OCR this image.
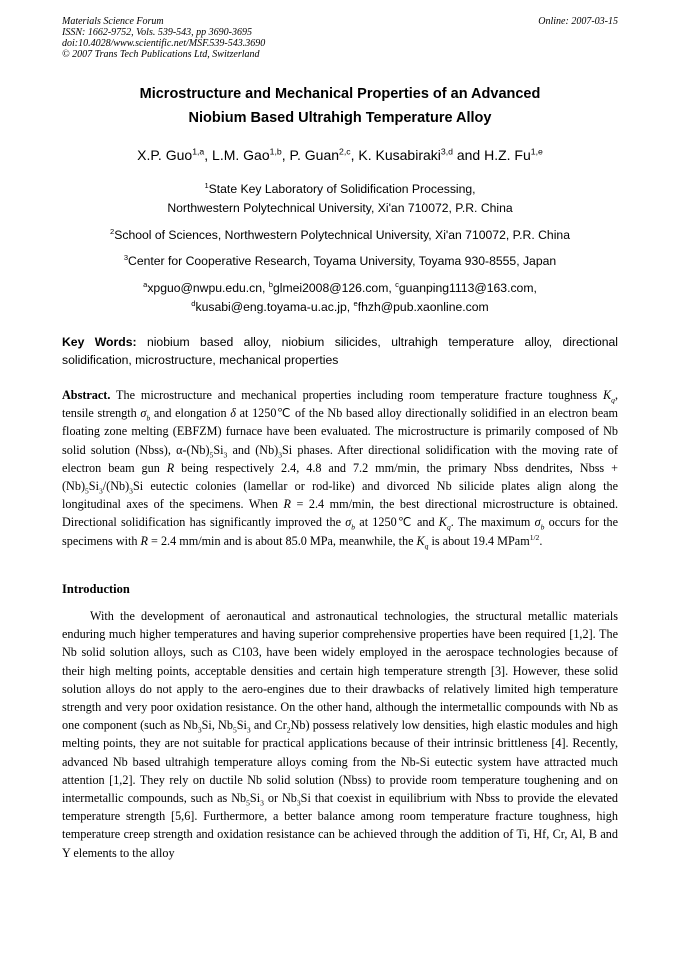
Materials Science Forum
ISSN: 1662-9752, Vols. 539-543, pp 3690-3695
doi:10.4028/www.scientific.net/MSF.539-543.3690
© 2007 Trans Tech Publications Ltd, Switzerland
Online: 2007-03-15
Microstructure and Mechanical Properties of an Advanced
Niobium Based Ultrahigh Temperature Alloy
X.P. Guo$^{1,a}$, L.M. Gao$^{1,b}$, P. Guan$^{2,c}$, K. Kusabiraki$^{3,d}$ and H.Z. Fu$^{1,e}$
$^1$State Key Laboratory of Solidification Processing,
Northwestern Polytechnical University, Xi'an 710072, P.R. China
$^2$School of Sciences, Northwestern Polytechnical University, Xi'an 710072, P.R. China
$^3$Center for Cooperative Research, Toyama University, Toyama 930-8555, Japan
$^a$xpguo@nwpu.edu.cn, $^b$glmei2008@126.com, $^c$guanping1113@163.com,
$^d$kusabi@eng.toyama-u.ac.jp, $^e$fhzh@pub.xaonline.com
Key Words: niobium based alloy, niobium silicides, ultrahigh temperature alloy, directional solidification, microstructure, mechanical properties
Abstract. The microstructure and mechanical properties including room temperature fracture toughness $K_q$, tensile strength $\sigma_b$ and elongation δ at 1250℃ of the Nb based alloy directionally solidified in an electron beam floating zone melting (EBFZM) furnace have been evaluated. The microstructure is primarily composed of Nb solid solution (Nbss), $\alpha-(Nb)_5Si_3$ and $(Nb)_3Si$ phases. After directional solidification with the moving rate of electron beam gun R being respectively 2.4, 4.8 and 7.2 mm/min, the primary Nbss dendrites, Nbss + $(Nb)_5Si_3/(Nb)_3Si$ eutectic colonies (lamellar or rod-like) and divorced Nb silicide plates align along the longitudinal axes of the specimens. When R = 2.4 mm/min, the best directional microstructure is obtained. Directional solidification has significantly improved the $\sigma_b$ at 1250℃ and $K_q$. The maximum $\sigma_b$ occurs for the specimens with R = 2.4 mm/min and is about 85.0 MPa, meanwhile, the $K_q$ is about 19.4 MPam$^{1/2}$.
Introduction
With the development of aeronautical and astronautical technologies, the structural metallic materials enduring much higher temperatures and having superior comprehensive properties have been required [1,2]. The Nb solid solution alloys, such as C103, have been widely employed in the aerospace technologies because of their high melting points, acceptable densities and certain high temperature strength [3]. However, these solid solution alloys do not apply to the aero-engines due to their drawbacks of relatively limited high temperature strength and very poor oxidation resistance. On the other hand, although the intermetallic compounds with Nb as one component (such as $Nb_3Si$, $Nb_5Si_3$ and $Cr_2Nb$) possess relatively low densities, high elastic modules and high melting points, they are not suitable for practical applications because of their intrinsic brittleness [4]. Recently, advanced Nb based ultrahigh temperature alloys coming from the Nb-Si eutectic system have attracted much attention [1,2]. They rely on ductile Nb solid solution (Nbss) to provide room temperature toughening and on intermetallic compounds, such as $Nb_5Si_3$ or $Nb_3Si$ that coexist in equilibrium with Nbss to provide the elevated temperature strength [5,6]. Furthermore, a better balance among room temperature fracture toughness, high temperature creep strength and oxidation resistance can be achieved through the addition of Ti, Hf, Cr, Al, B and Y elements to the alloy
